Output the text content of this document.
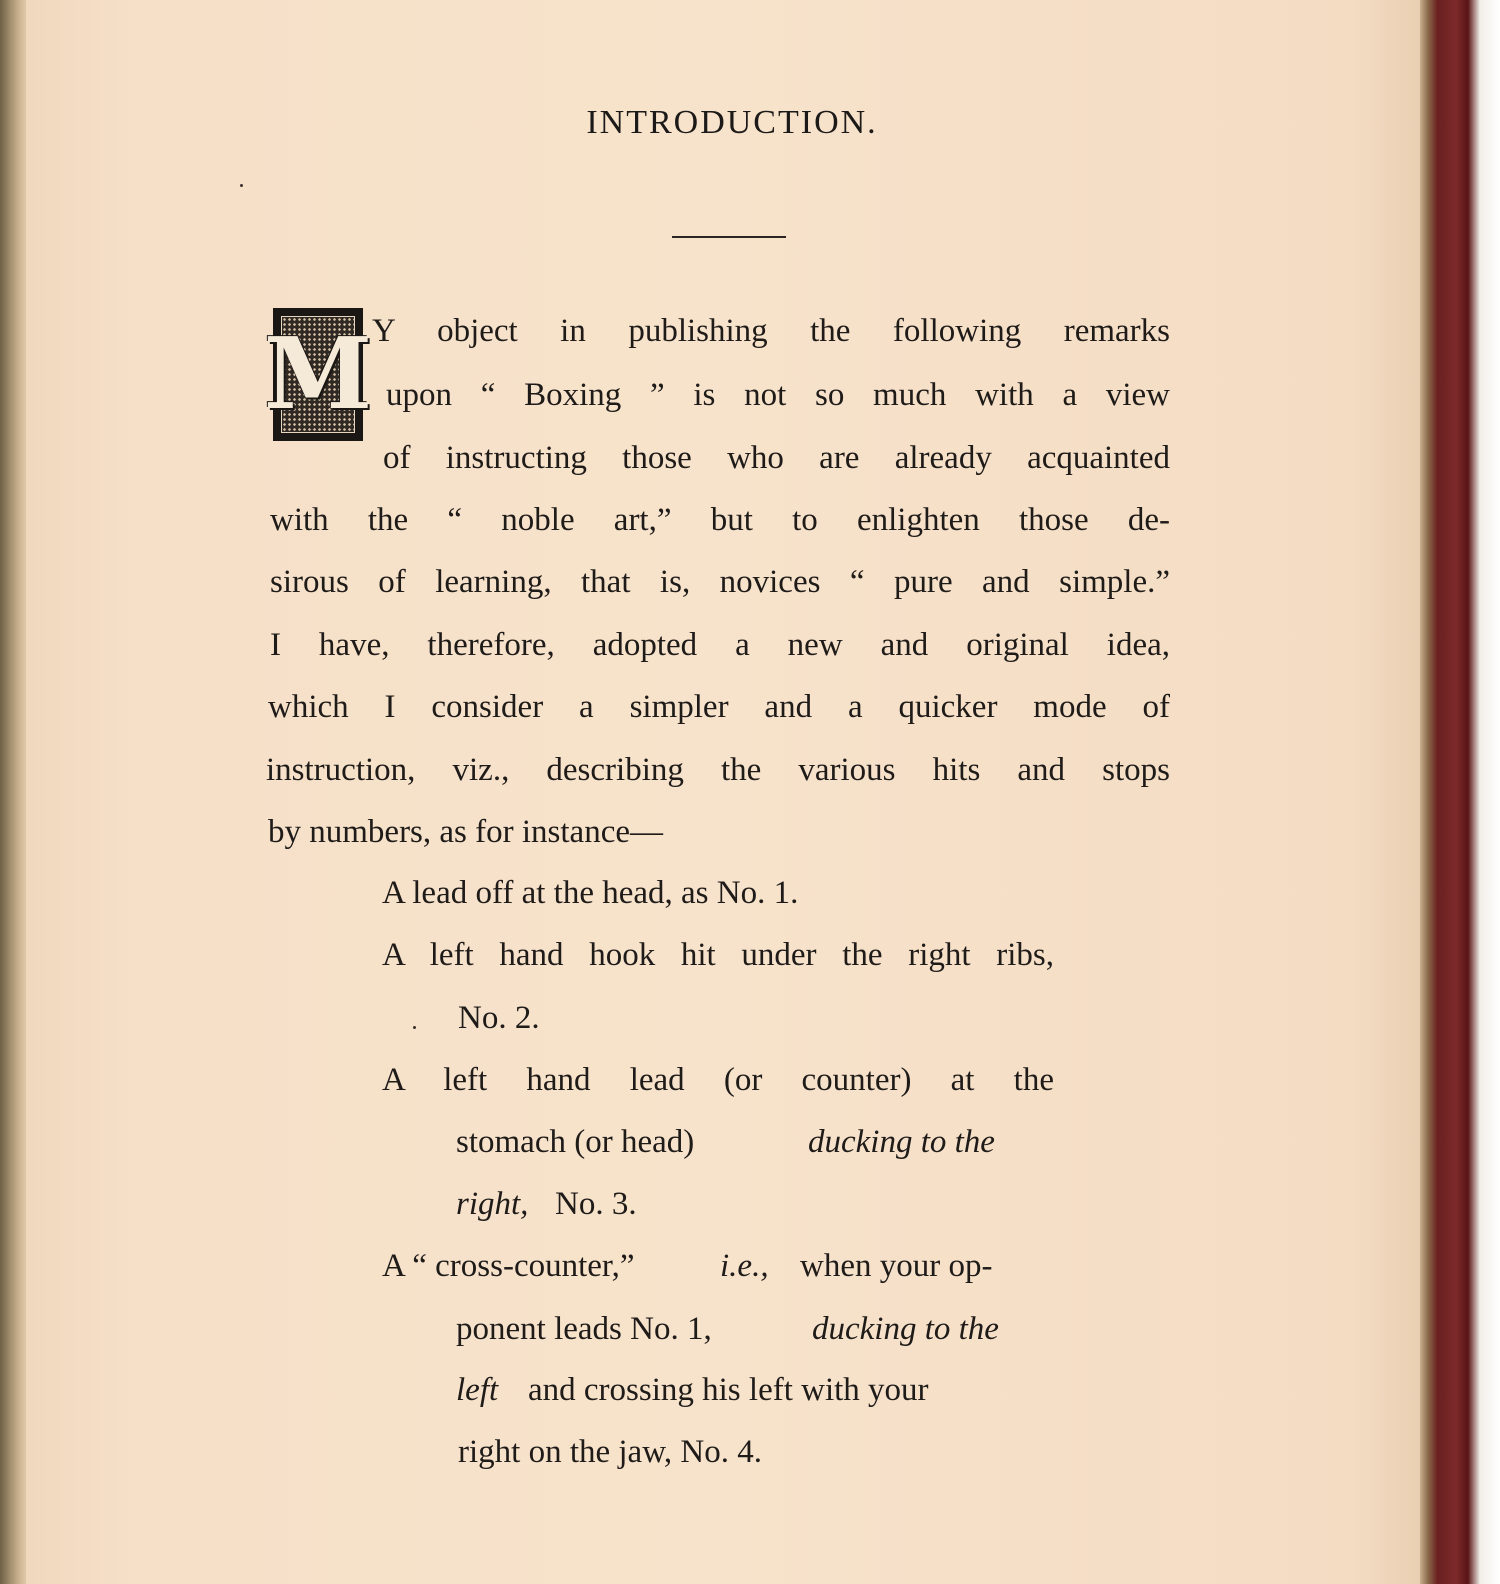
INTRODUCTION.
M Y object in publishing the following remarks
upon “ Boxing ” is not so much with a view
of instructing those who are already acquainted
with the “ noble art,” but to enlighten those de-
sirous of learning, that is, novices “ pure and simple.”
I have, therefore, adopted a new and original idea,
which I consider a simpler and a quicker mode of
instruction, viz., describing the various hits and stops
by numbers, as for instance—
A lead off at the head, as No. 1.
A left hand hook hit under the right ribs,
No. 2.
A left hand lead (or counter) at the
stomach (or head)	ducking to the
right, No. 3.
A “ cross-counter,”	i.e., when your op-
ponent leads No. 1,	ducking to the
left and crossing his left with your
right on the jaw, No. 4.
